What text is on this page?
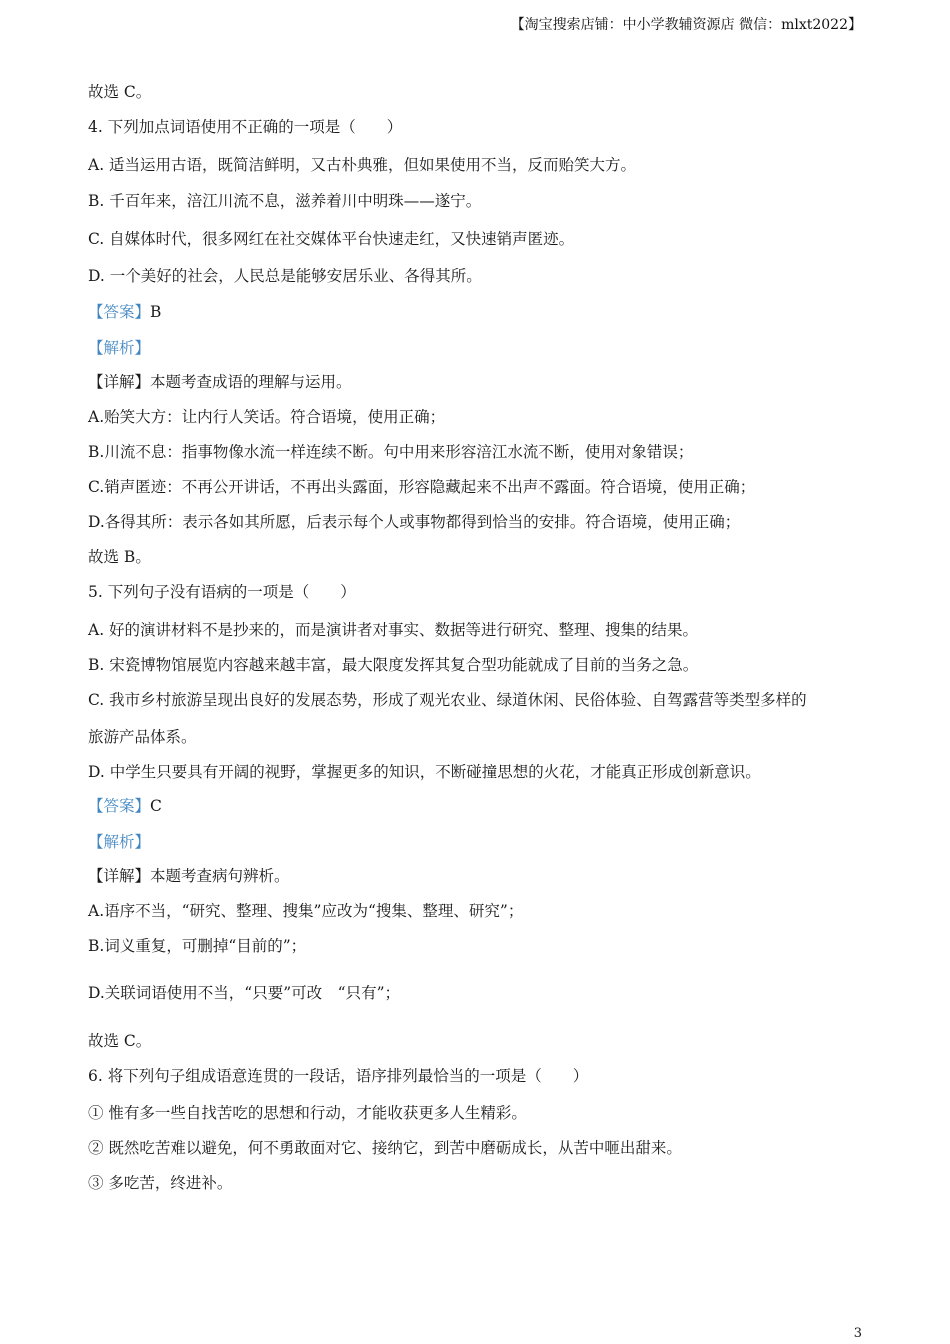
【淘宝搜索店铺：中小学教辅资源店 微信：mlxt2022】
故选 C。
4. 下列加点词语使用不正确的一项是（　　）
A. 适当运用古语，既简洁鲜明，又古朴典雅，但如果使用不当，反而贻笑大方。
B. 千百年来，涪江川流不息，滋养着川中明珠——遂宁。
C. 自媒体时代，很多网红在社交媒体平台快速走红，又快速销声匿迹。
D. 一个美好的社会，人民总是能够安居乐业、各得其所。
【答案】B
【解析】
【详解】本题考查成语的理解与运用。
A.贻笑大方：让内行人笑话。符合语境，使用正确；
B.川流不息：指事物像水流一样连续不断。句中用来形容涪江水流不断，使用对象错误；
C.销声匿迹：不再公开讲话，不再出头露面，形容隐藏起来不出声不露面。符合语境，使用正确；
D.各得其所：表示各如其所愿，后表示每个人或事物都得到恰当的安排。符合语境，使用正确；
故选 B。
5. 下列句子没有语病的一项是（　　）
A. 好的演讲材料不是抄来的，而是演讲者对事实、数据等进行研究、整理、搜集的结果。
B. 宋瓷博物馆展览内容越来越丰富，最大限度发挥其复合型功能就成了目前的当务之急。
C. 我市乡村旅游呈现出良好的发展态势，形成了观光农业、绿道休闲、民俗体验、自驾露营等类型多样的
旅游产品体系。
D. 中学生只要具有开阔的视野，掌握更多的知识，不断碰撞思想的火花，才能真正形成创新意识。
【答案】C
【解析】
【详解】本题考查病句辨析。
A.语序不当，“研究、整理、搜集”应改为“搜集、整理、研究”；
B.词义重复，可删掉“目前的”；
D.关联词语使用不当，“只要”可改　“只有”；
故选 C。
6. 将下列句子组成语意连贯的一段话，语序排列最恰当的一项是（　　）
① 惟有多一些自找苦吃的思想和行动，才能收获更多人生精彩。
② 既然吃苦难以避免，何不勇敢面对它、接纳它，到苦中磨砺成长，从苦中咂出甜来。
③ 多吃苦，终进补。
3
